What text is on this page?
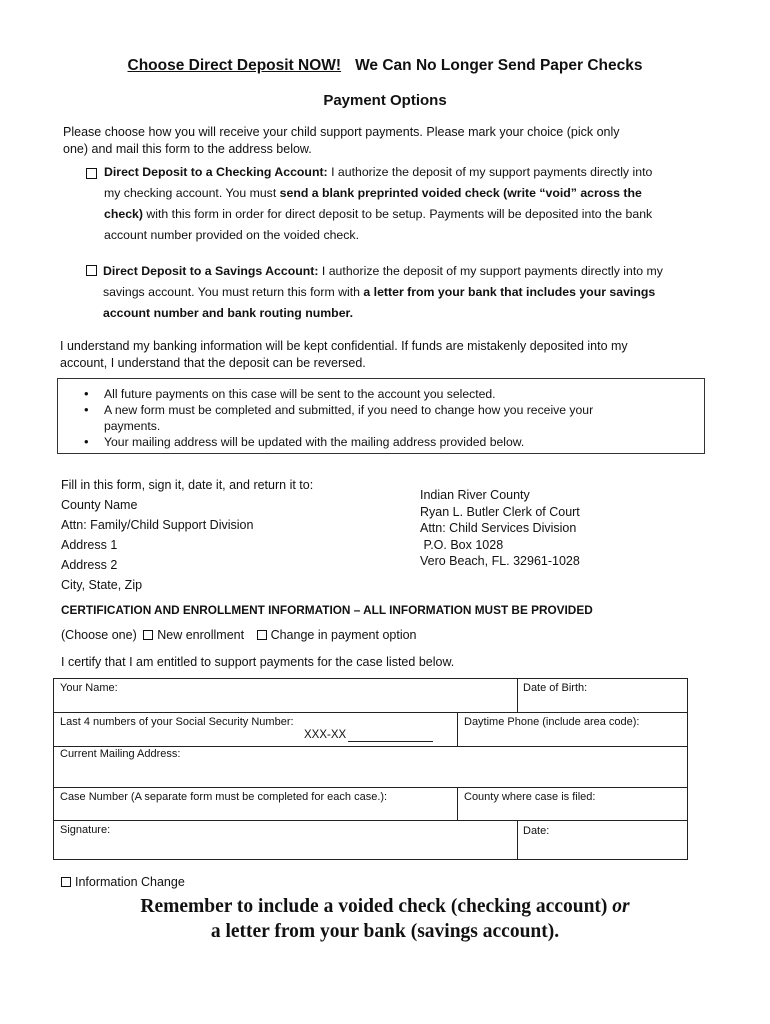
Choose Direct Deposit NOW! We Can No Longer Send Paper Checks
Payment Options
Please choose how you will receive your child support payments. Please mark your choice (pick only
one) and mail this form to the address below.
Direct Deposit to a Checking Account: I authorize the deposit of my support payments directly into
my checking account. You must send a blank preprinted voided check (write “void” across the
check) with this form in order for direct deposit to be setup. Payments will be deposited into the bank
account number provided on the voided check.
Direct Deposit to a Savings Account: I authorize the deposit of my support payments directly into my
savings account. You must return this form with a letter from your bank that includes your savings
account number and bank routing number.
I understand my banking information will be kept confidential. If funds are mistakenly deposited into my
account, I understand that the deposit can be reversed.
• All future payments on this case will be sent to the account you selected.
• A new form must be completed and submitted, if you need to change how you receive your
payments.
• Your mailing address will be updated with the mailing address provided below.
Fill in this form, sign it, date it, and return it to:
County Name
Attn: Family/Child Support Division
Address 1
Address 2
City, State, Zip
Indian River County
Ryan L. Butler Clerk of Court
Attn: Child Services Division
P.O. Box 1028
Vero Beach, FL. 32961-1028
CERTIFICATION AND ENROLLMENT INFORMATION – ALL INFORMATION MUST BE PROVIDED
(Choose one) New enrollment Change in payment option
I certify that I am entitled to support payments for the case listed below.
Your Name:	Date of Birth:
Last 4 numbers of your Social Security Number:
XXX-XX
Daytime Phone (include area code):
Current Mailing Address:
Case Number (A separate form must be completed for each case.):	County where case is filed:
Signature:	Date:
Information Change
Remember to include a voided check (checking account) or
a letter from your bank (savings account).
